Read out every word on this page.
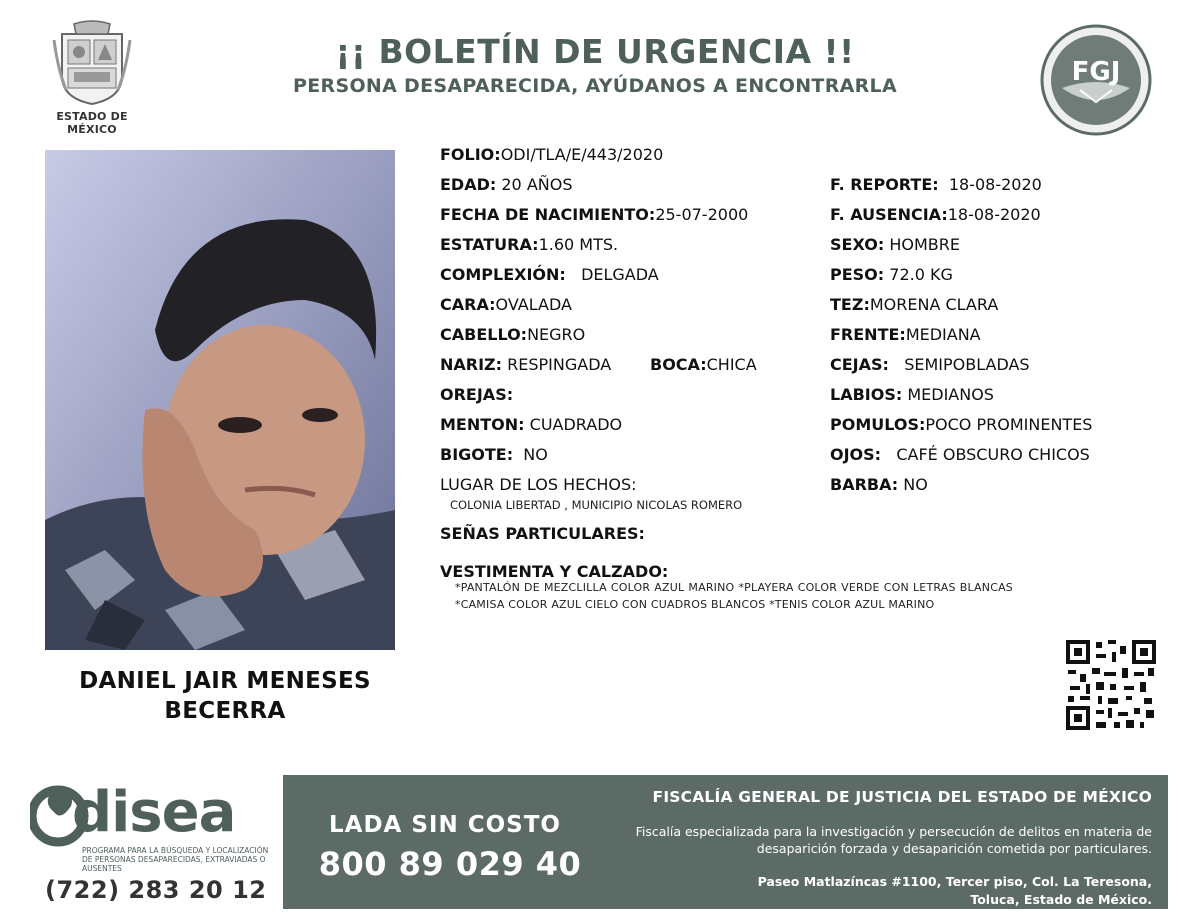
ESTADO DE MÉXICO
¡¡ BOLETÍN DE URGENCIA !!
PERSONA DESAPARECIDA, AYÚDANOS A ENCONTRARLA	FGJ
DANIEL JAIR MENESES
BECERRA
FOLIO:ODI/TLA/E/443/2020
EDAD: 20 AÑOS
FECHA DE NACIMIENTO:25-07-2000
ESTATURA:1.60 MTS.
COMPLEXIÓN: DELGADA
CARA:OVALADA
CABELLO:NEGRO
NARIZ: RESPINGADA BOCA:CHICA
OREJAS:
MENTON: CUADRADO
BIGOTE: NO
LUGAR DE LOS HECHOS:
COLONIA LIBERTAD , MUNICIPIO NICOLAS ROMERO
SEÑAS PARTICULARES:
VESTIMENTA Y CALZADO:
*PANTALÓN DE MEZCLILLA COLOR AZUL MARINO *PLAYERA COLOR VERDE CON LETRAS BLANCAS *CAMISA COLOR AZUL CIELO CON CUADROS BLANCOS *TENIS COLOR AZUL MARINO
F. REPORTE: 18-08-2020
F. AUSENCIA:18-08-2020
SEXO: HOMBRE
PESO: 72.0 KG
TEZ:MORENA CLARA
FRENTE:MEDIANA
CEJAS: SEMIPOBLADAS
LABIOS: MEDIANOS
POMULOS:POCO PROMINENTES
OJOS: CAFÉ OBSCURO CHICOS
BARBA: NO
disea
PROGRAMA PARA LA BÚSQUEDA Y LOCALIZACIÓN DE PERSONAS DESAPARECIDAS, EXTRAVIADAS O AUSENTES
(722) 283 20 12
LADA SIN COSTO
800 89 029 40
FISCALÍA GENERAL DE JUSTICIA DEL ESTADO DE MÉXICO
Fiscalía especializada para la investigación y persecución de delitos en materia de desaparición forzada y desaparición cometida por particulares.
Paseo Matlazíncas #1100, Tercer piso, Col. La Teresona,
Toluca, Estado de México.
